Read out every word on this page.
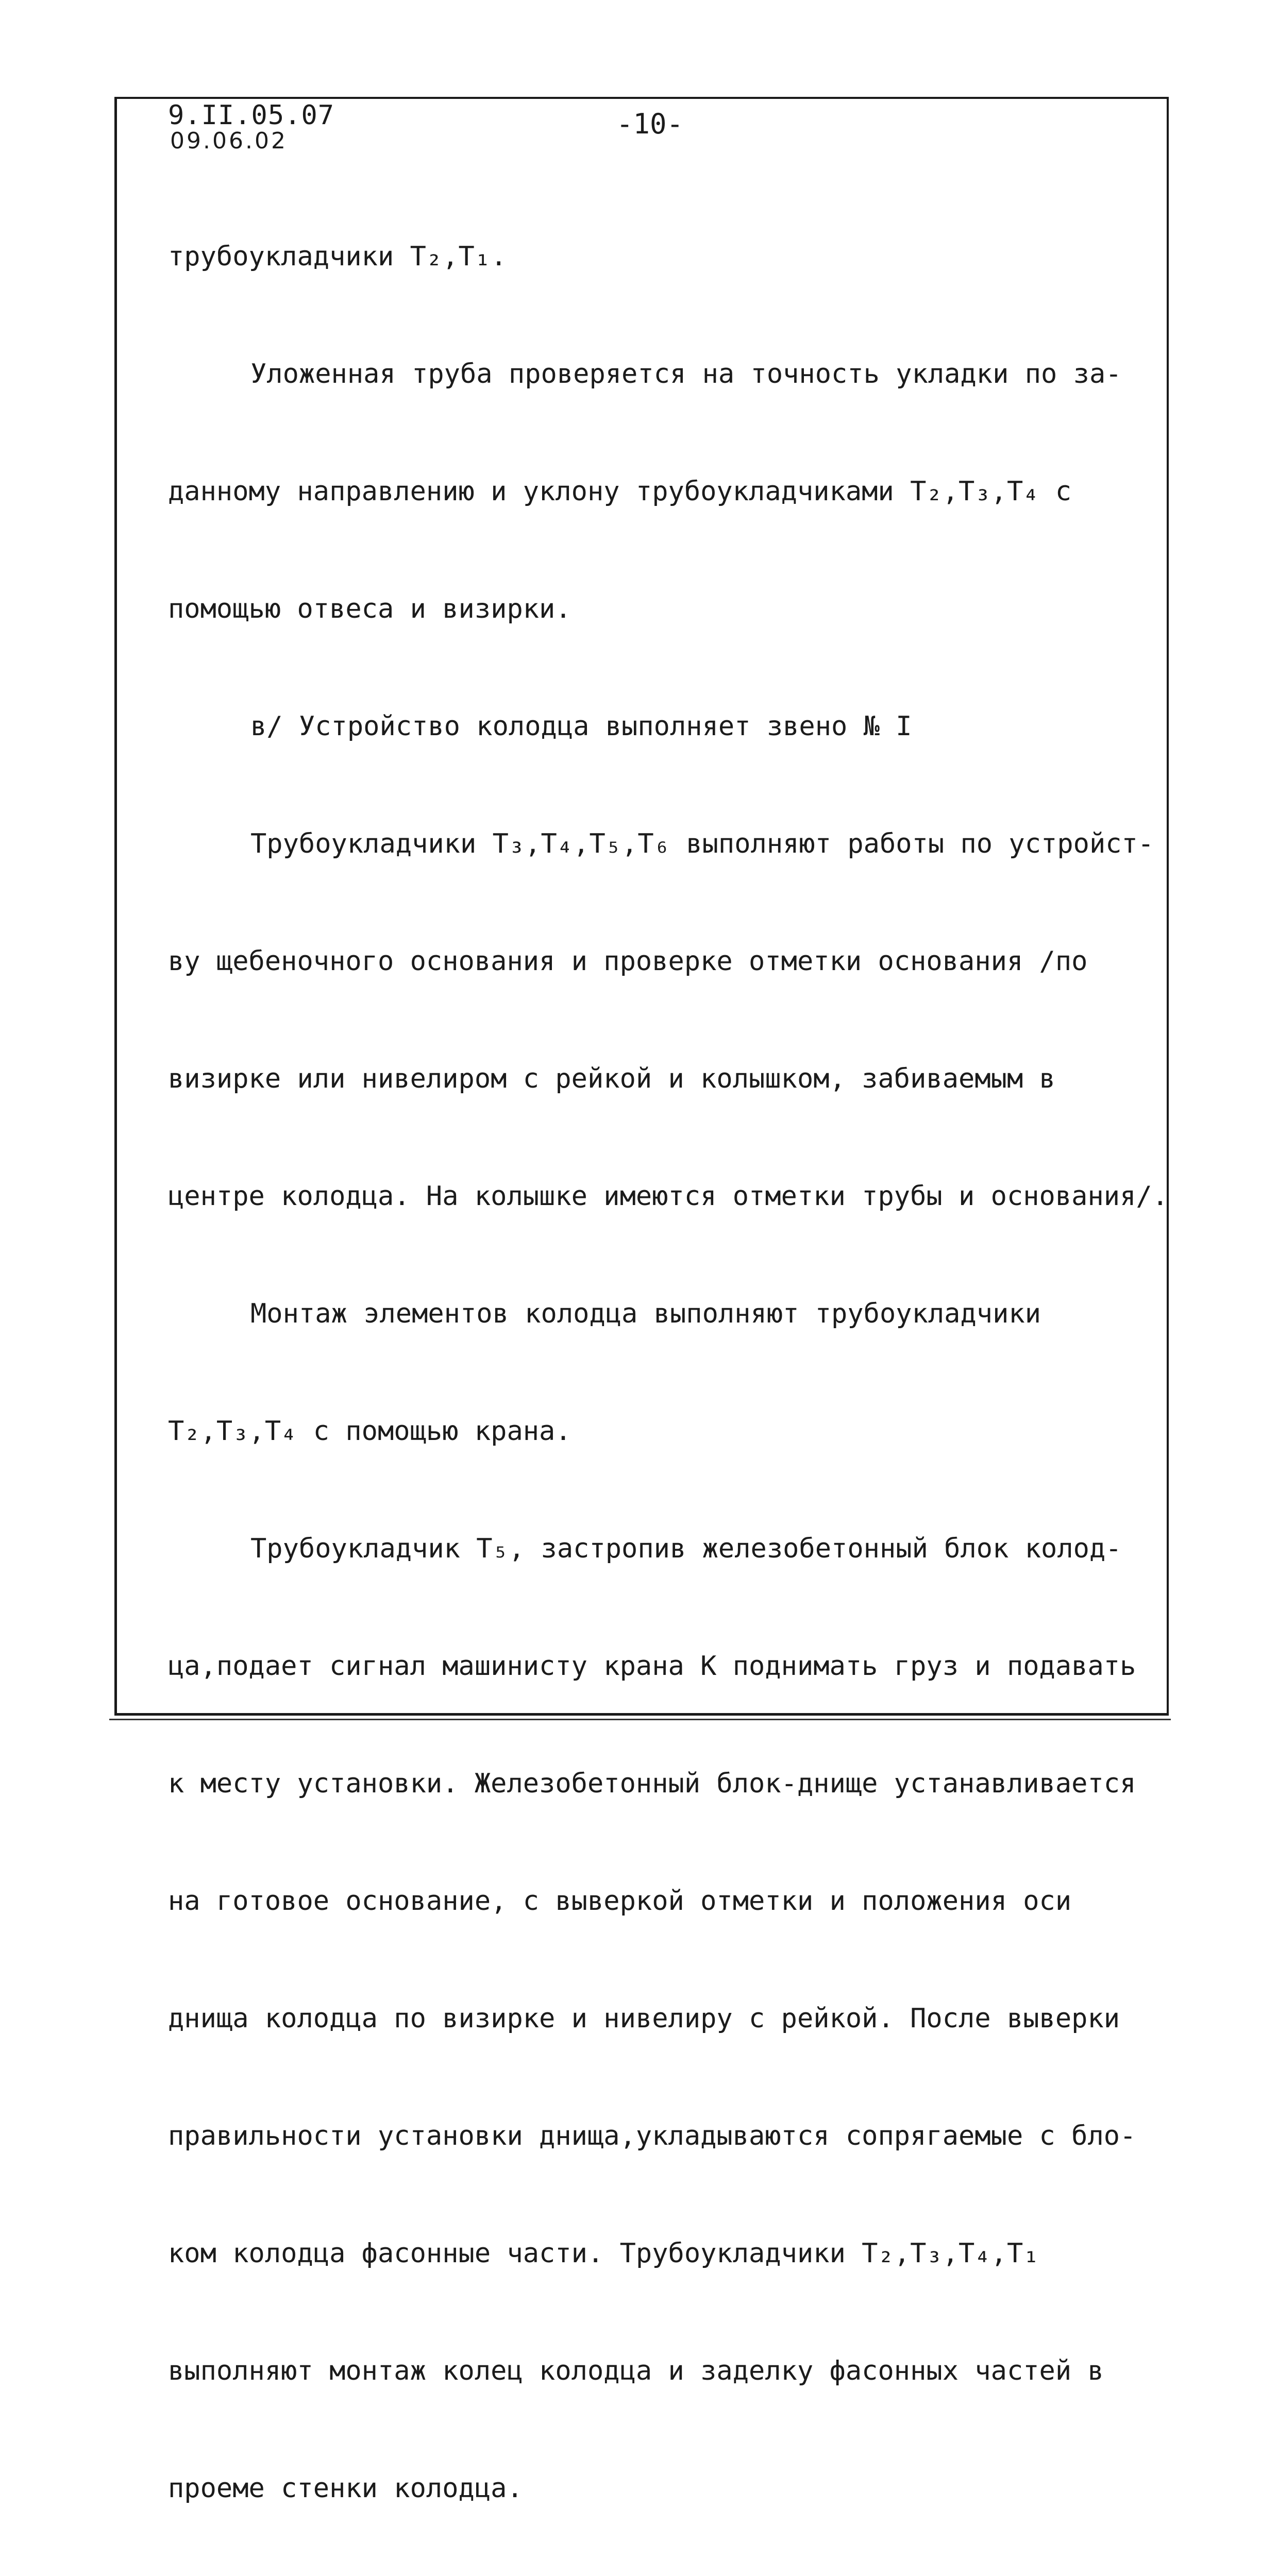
9.II.05.07
09.06.02
-10-

трубоукладчики T₂,T₁.

Уложенная труба проверяется на точность укладки по за-

данному направлению и уклону трубоукладчиками T₂,T₃,T₄ с

помощью отвеса и визирки.

в/ Устройство колодца выполняет звено № I

Трубоукладчики T₃,T₄,T₅,T₆ выполняют работы по устройст-

ву щебеночного основания и проверке отметки основания /по

визирке или нивелиром с рейкой и колышком, забиваемым в

центре колодца. На колышке имеются отметки трубы и основания/.

Монтаж элементов колодца выполняют трубоукладчики

T₂,T₃,T₄ с помощью крана.

Трубоукладчик T₅, застропив железобетонный блок колод-

ца,подает сигнал машинисту крана К поднимать груз и подавать

к месту установки. Железобетонный блок-днище устанавливается

на готовое основание, с выверкой отметки и положения оси

днища колодца по визирке и нивелиру с рейкой. После выверки

правильности установки днища,укладываются сопрягаемые с бло-

ком колодца фасонные части. Трубоукладчики T₂,T₃,T₄,T₁

выполняют монтаж колец колодца и заделку фасонных частей в

проеме стенки колодца.
